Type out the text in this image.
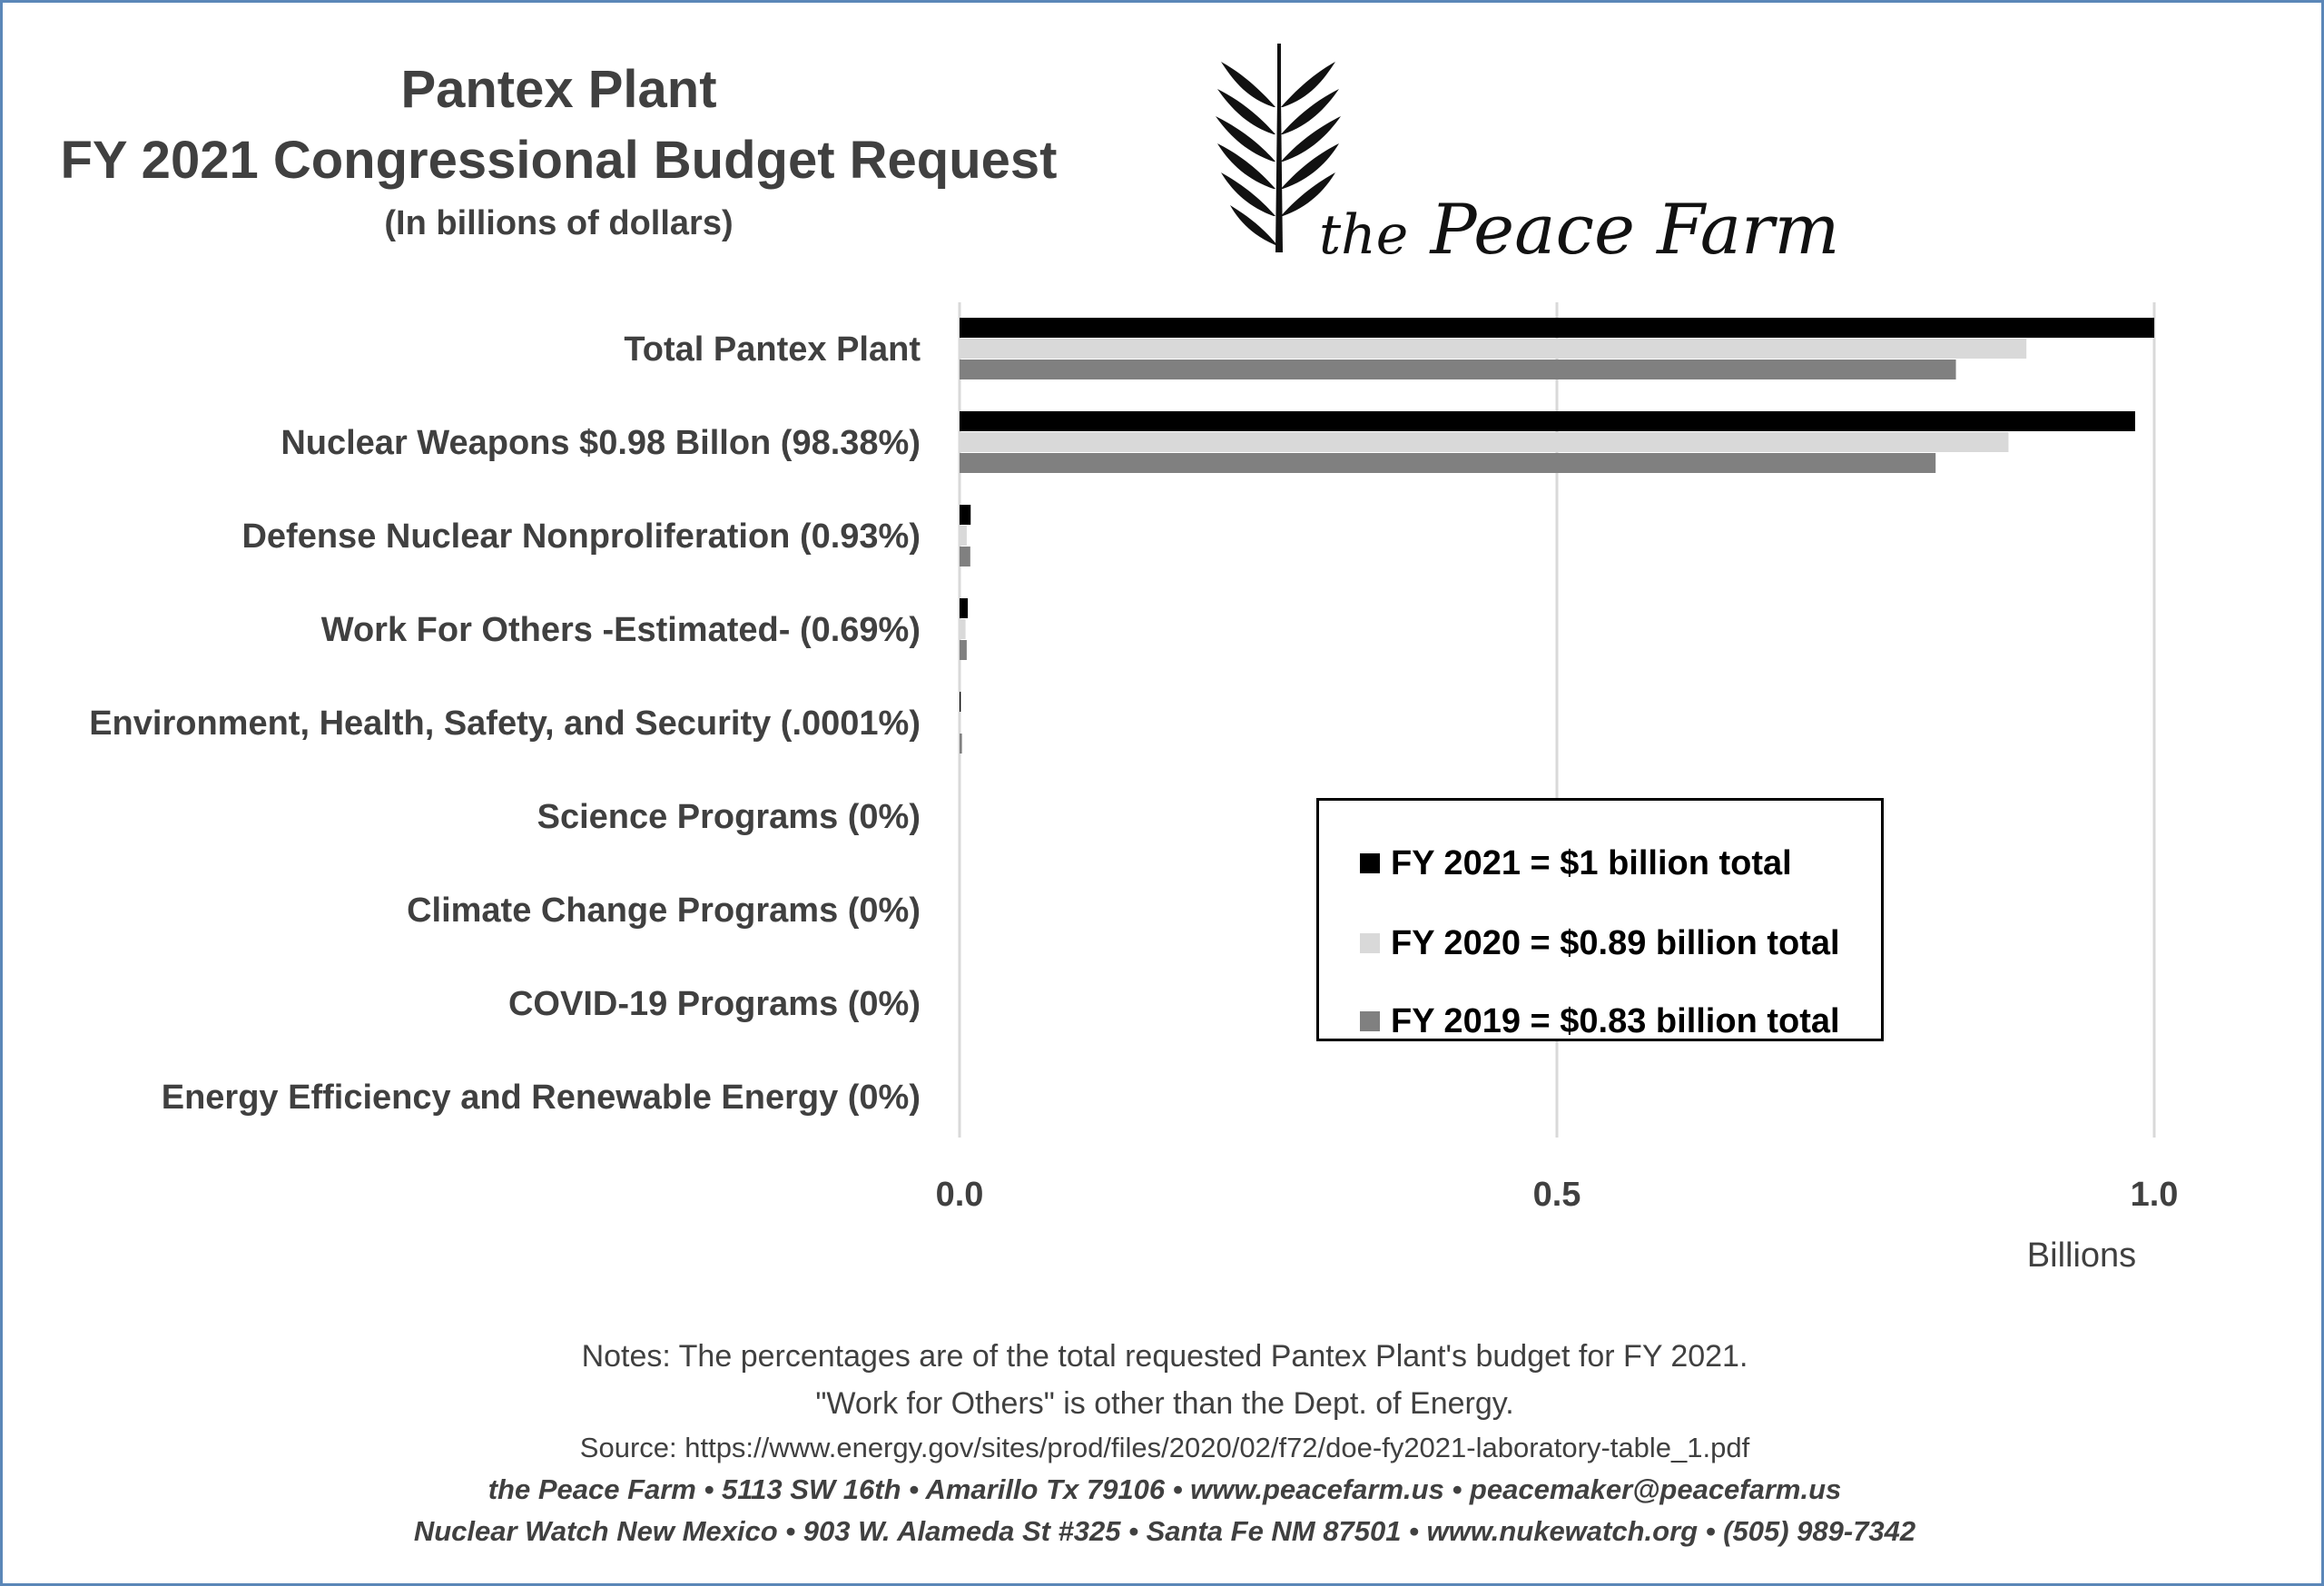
Pantex Plant
FY 2021 Congressional Budget Request
(In billions of dollars)	the Peace Farm
Total Pantex Plant
Nuclear Weapons $0.98 Billon (98.38%)
Defense Nuclear Nonproliferation (0.93%)
Work For Others -Estimated- (0.69%)
Environment, Health, Safety, and Security (.0001%)
Science Programs (0%)
Climate Change Programs (0%)
COVID-19 Programs (0%)
Energy Efficiency and Renewable Energy (0%)
0.0	0.5	1.0
Billions
FY 2021 = $1 billion total
FY 2020 = $0.89 billion total
FY 2019 = $0.83 billion total
Notes: The percentages are of the total requested Pantex Plant's budget for FY 2021.
"Work for Others" is other than the Dept. of Energy.
Source: https://www.energy.gov/sites/prod/files/2020/02/f72/doe-fy2021-laboratory-table_1.pdf
the Peace Farm • 5113 SW 16th • Amarillo Tx 79106 • www.peacefarm.us • peacemaker@peacefarm.us
Nuclear Watch New Mexico • 903 W. Alameda St #325 • Santa Fe NM 87501 • www.nukewatch.org • (505) 989-7342
